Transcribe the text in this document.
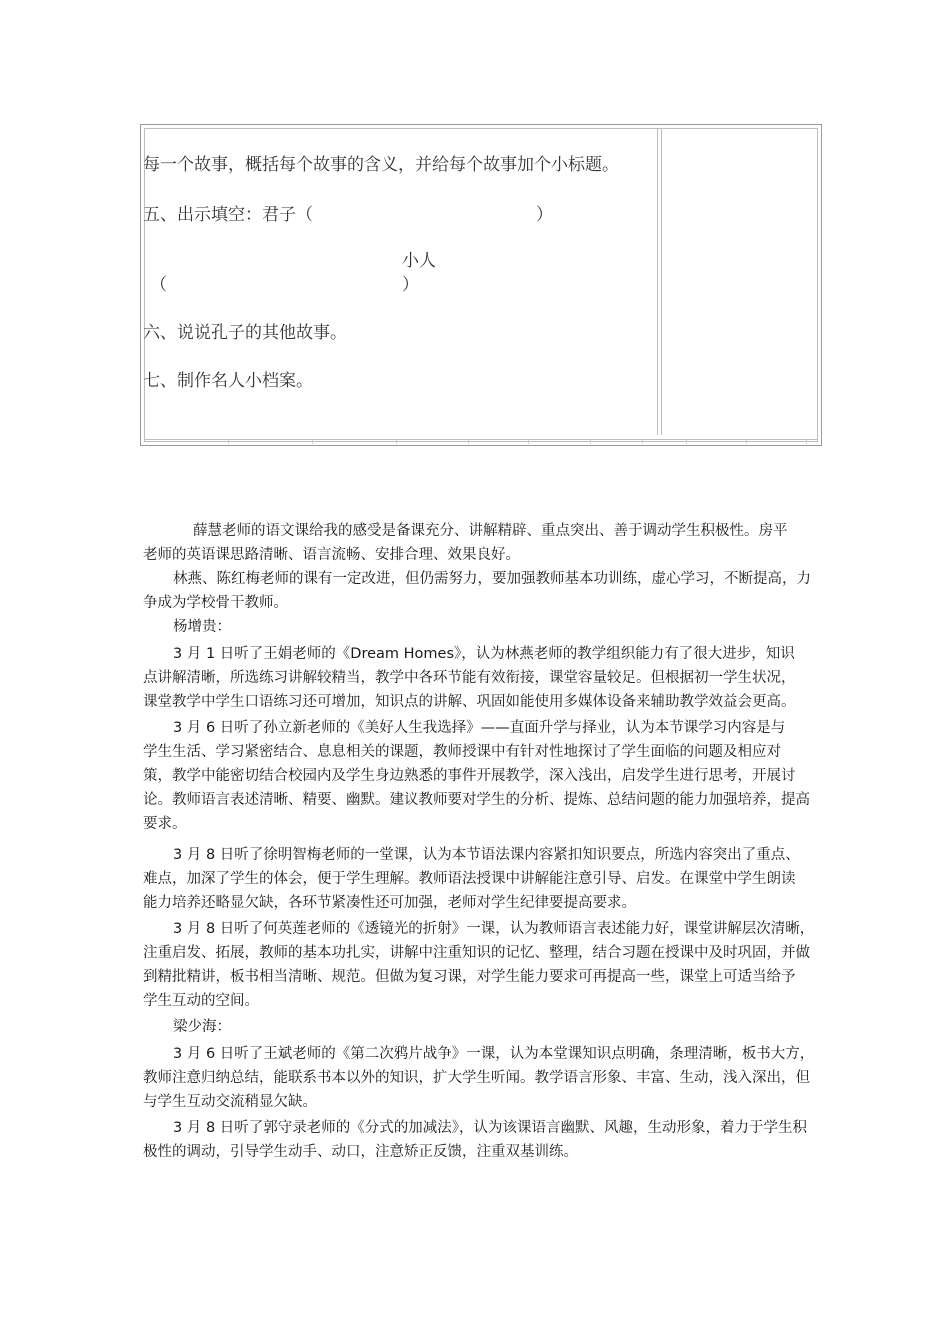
每一个故事，概括每个故事的含义，并给每个故事加个小标题。
五、出示填空：君子（	）
小人
（	）
六、说说孔子的其他故事。
七、制作名人小档案。
薛慧老师的语文课给我的感受是备课充分、讲解精辟、重点突出、善于调动学生积极性。房平
老师的英语课思路清晰、语言流畅、安排合理、效果良好。
林燕、陈红梅老师的课有一定改进，但仍需努力，要加强教师基本功训练，虚心学习，不断提高，力
争成为学校骨干教师。
杨增贵：
3 月 1 日听了王娟老师的《Dream Homes》，认为林燕老师的教学组织能力有了很大进步，知识
点讲解清晰，所选练习讲解较精当，教学中各环节能有效衔接，课堂容量较足。但根据初一学生状况，
课堂教学中学生口语练习还可增加，知识点的讲解、巩固如能使用多媒体设备来辅助教学效益会更高。
3 月 6 日听了孙立新老师的《美好人生我选择》——直面升学与择业，认为本节课学习内容是与
学生生活、学习紧密结合、息息相关的课题，教师授课中有针对性地探讨了学生面临的问题及相应对
策，教学中能密切结合校园内及学生身边熟悉的事件开展教学，深入浅出，启发学生进行思考，开展讨
论。教师语言表述清晰、精要、幽默。建议教师要对学生的分析、提炼、总结问题的能力加强培养，提高
要求。
3 月 8 日听了徐明智梅老师的一堂课，认为本节语法课内容紧扣知识要点，所选内容突出了重点、
难点，加深了学生的体会，便于学生理解。教师语法授课中讲解能注意引导、启发。在课堂中学生朗读
能力培养还略显欠缺，各环节紧凑性还可加强，老师对学生纪律要提高要求。
3 月 8 日听了何英莲老师的《透镜光的折射》一课，认为教师语言表述能力好，课堂讲解层次清晰，
注重启发、拓展，教师的基本功扎实，讲解中注重知识的记忆、整理，结合习题在授课中及时巩固，并做
到精批精讲，板书相当清晰、规范。但做为复习课，对学生能力要求可再提高一些，课堂上可适当给予
学生互动的空间。
梁少海：
3 月 6 日听了王斌老师的《第二次鸦片战争》一课，认为本堂课知识点明确，条理清晰，板书大方，
教师注意归纳总结，能联系书本以外的知识，扩大学生听闻。教学语言形象、丰富、生动，浅入深出，但
与学生互动交流稍显欠缺。
3 月 8 日听了郭守录老师的《分式的加减法》，认为该课语言幽默、风趣，生动形象，着力于学生积
极性的调动，引导学生动手、动口，注意矫正反馈，注重双基训练。
